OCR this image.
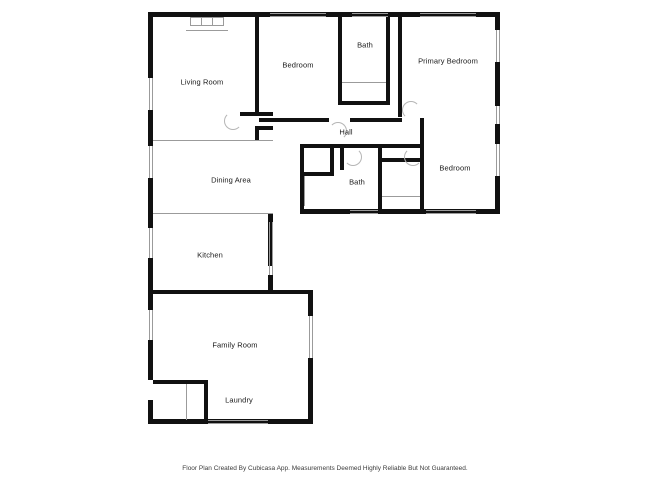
Living Room
Bedroom
Bath
Primary Bedroom
Hall
Dining Area	Bath
Bedroom
Kitchen
Family Room
Laundry
Floor Plan Created By Cubicasa App. Measurements Deemed Highly Reliable But Not Guaranteed.
